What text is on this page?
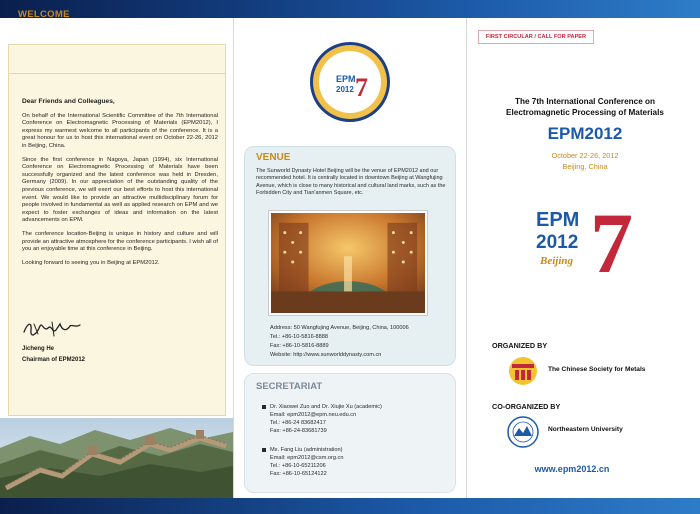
WELCOME

Dear Friends and Colleagues,

On behalf of the International Scientific Committee of the 7th International Conference on Electromagnetic Processing of Materials (EPM2012), I express my warmest welcome to all participants of the conference. It is a great honour for us to host this international event on October 22-26, 2012 in Beijing, China.

Since the first conference in Nagoya, Japan (1994), six International Conference on Electromagnetic Processing of Materials have been successfully organized and the latest conference was held in Dresden, Germany (2009). In our appreciation of the outstanding quality of the previous conference, we will exert our best efforts to host this international event. We would like to provide an attractive multidisciplinary forum for people involved in fundamental as well as applied research on EPM and we expect to foster exchanges of ideas and information on the latest advancements on EPM.

The conference location-Beijing is unique in history and culture and will provide an attractive atmosphere for the conference participants. I wish all of you an enjoyable time at this conference in Beijing.

Looking forward to seeing you in Beijing at EPM2012.

Jicheng He
Chairman of EPM2012
EPM
2012 7
VENUE
The Sunworld Dynasty Hotel Beijing will be the venue of EPM2012 and our recommended hotel. It is centrally located in downtown Beijing at Wangfujing Avenue, which is close to many historical and cultural land marks, such as the Forbidden City and Tian'anmen Square, etc.
Address: 50 Wangfujing Avenue, Beijing, China, 100006
Tel.: +86-10-5816-8888
Fax: +86-10-5816-8889
Website: http://www.sunworlddynasty.com.cn
SECRETARIAT
Dr. Xiaowei Zuo and Dr. Xiujie Xu (academic)
Email: epm2012@epm.neu.edu.cn
Tel.: +86-24 83682417
Fax: +86-24-83681739
Ms. Fang Liu (administration)
Email: epm2012@csm.org.cn
Tel.: +86-10-65211206
Fax: +86-10-65124122
FIRST CIRCULAR / CALL FOR PAPER
The 7th International Conference on
Electromagnetic Processing of Materials
EPM2012
October 22-26, 2012
Beijing, China
EPM
2012 7
Beijing
ORGANIZED BY
The Chinese Society for Metals
CO-ORGANIZED BY
Northeastern University
www.epm2012.cn
